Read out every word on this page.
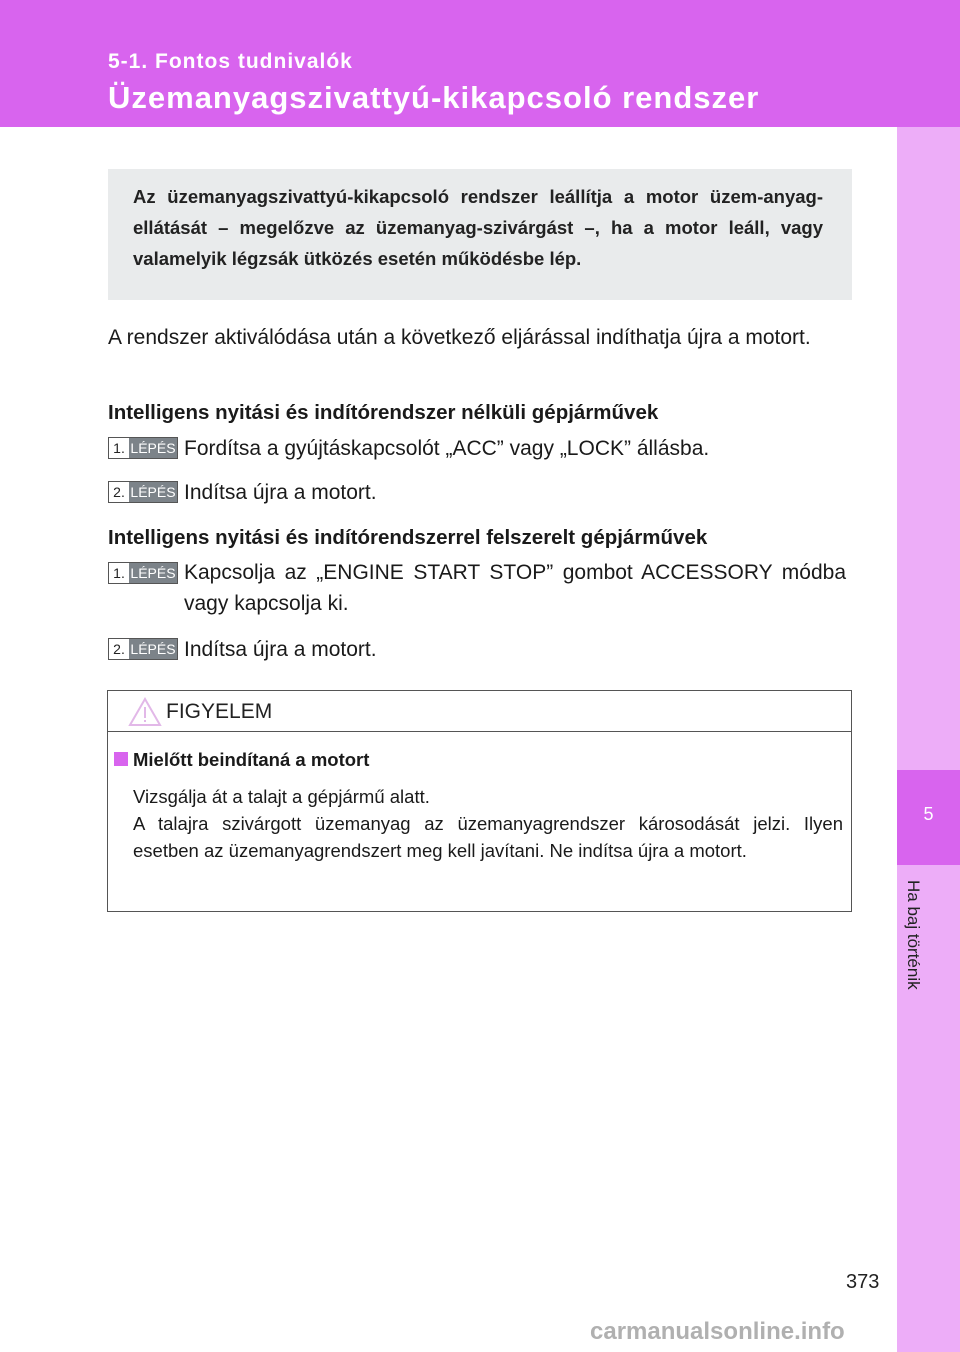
5-1. Fontos tudnivalók
Üzemanyagszivattyú-kikapcsoló rendszer
5
Ha baj történik
Az üzemanyagszivattyú-kikapcsoló rendszer leállítja a motor üzem-anyag-ellátását – megelőzve az üzemanyag-szivárgást –, ha a motor leáll, vagy valamelyik légzsák ütközés esetén működésbe lép.
A rendszer aktiválódása után a következő eljárással indíthatja újra a motort.
Intelligens nyitási és indítórendszer nélküli gépjárművek
1. LÉPÉS Fordítsa a gyújtáskapcsolót „ACC” vagy „LOCK” állásba.
2. LÉPÉS Indítsa újra a motort.
Intelligens nyitási és indítórendszerrel felszerelt gépjárművek
1. LÉPÉS Kapcsolja az „ENGINE START STOP” gombot ACCESSORY módba vagy kapcsolja ki.
2. LÉPÉS Indítsa újra a motort.
FIGYELEM
Mielőtt beindítaná a motort
Vizsgálja át a talajt a gépjármű alatt.
A talajra szivárgott üzemanyag az üzemanyagrendszer károsodását jelzi. Ilyen esetben az üzemanyagrendszert meg kell javítani. Ne indítsa újra a motort.
373
carmanualsonline.info
